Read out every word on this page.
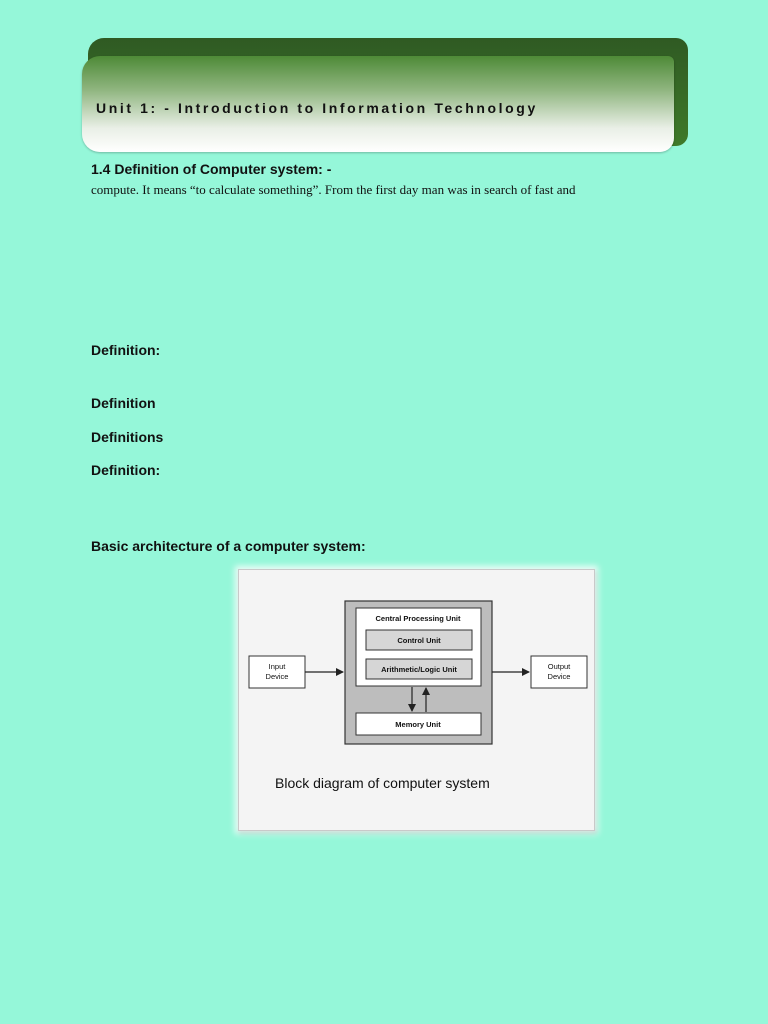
Unit 1: - Introduction to Information Technology
1.4 Definition of Computer system: -
compute. It means “to calculate something”. From the first day man was in search of fast and
Definition:
Definition
Definitions
Definition:
Basic architecture of a computer system:
Central Processing Unit
Control Unit
Arithmetic/Logic Unit
Memory Unit
Input
Device
Output
Device
Block diagram of computer system
